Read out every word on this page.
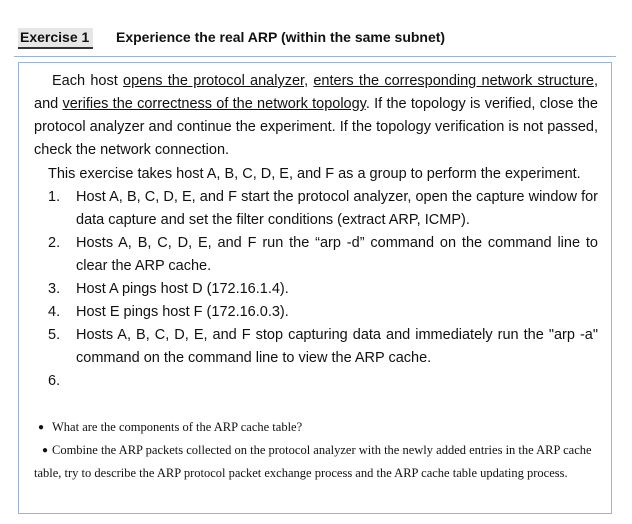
Exercise 1 Experience the real ARP (within the same subnet)
Each host opens the protocol analyzer, enters the corresponding network structure, and verifies the correctness of the network topology. If the topology is verified, close the protocol analyzer and continue the experiment. If the topology verification is not passed, check the network connection.
This exercise takes host A, B, C, D, E, and F as a group to perform the experiment.
1. Host A, B, C, D, E, and F start the protocol analyzer, open the capture window for data capture and set the filter conditions (extract ARP, ICMP).
2. Hosts A, B, C, D, E, and F run the “arp -d” command on the command line to clear the ARP cache.
3. Host A pings host D (172.16.1.4).
4. Host E pings host F (172.16.0.3).
5. Hosts A, B, C, D, E, and F stop capturing data and immediately run the "arp -a" command on the command line to view the ARP cache.
6.

● What are the components of the ARP cache table?

● Combine the ARP packets collected on the protocol analyzer with the newly added entries in the ARP cache table, try to describe the ARP protocol packet exchange process and the ARP cache table updating process.
